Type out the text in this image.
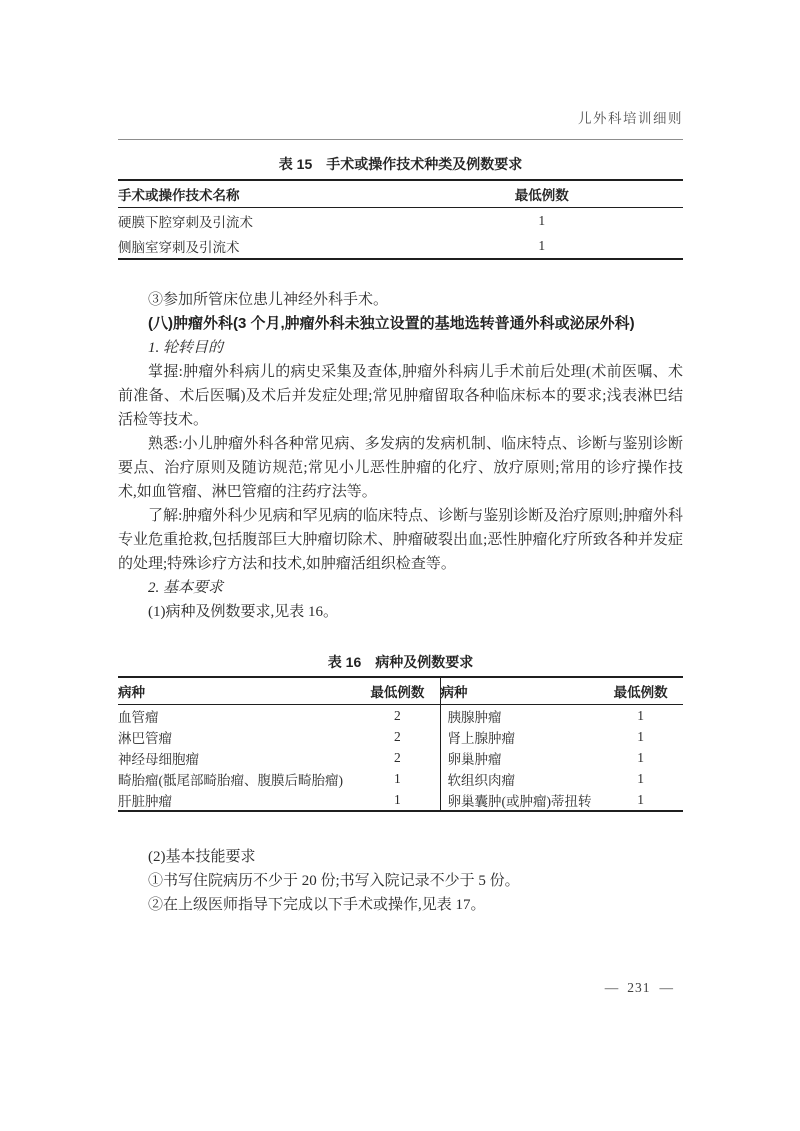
儿外科培训细则
表 15 手术或操作技术种类及例数要求
手术或操作技术名称	最低例数	
硬膜下腔穿刺及引流术	1	
侧脑室穿刺及引流术	1	

③参加所管床位患儿神经外科手术。

(八)肿瘤外科(3 个月,肿瘤外科未独立设置的基地选转普通外科或泌尿外科)

1. 轮转目的

掌握:肿瘤外科病儿的病史采集及查体,肿瘤外科病儿手术前后处理(术前医嘱、术前准备、术后医嘱)及术后并发症处理;常见肿瘤留取各种临床标本的要求;浅表淋巴结活检等技术。

熟悉:小儿肿瘤外科各种常见病、多发病的发病机制、临床特点、诊断与鉴别诊断要点、治疗原则及随访规范;常见小儿恶性肿瘤的化疗、放疗原则;常用的诊疗操作技术,如血管瘤、淋巴管瘤的注药疗法等。

了解:肿瘤外科少见病和罕见病的临床特点、诊断与鉴别诊断及治疗原则;肿瘤外科专业危重抢救,包括腹部巨大肿瘤切除术、肿瘤破裂出血;恶性肿瘤化疗所致各种并发症的处理;特殊诊疗方法和技术,如肿瘤活组织检查等。

2. 基本要求

(1)病种及例数要求,见表 16。

表 16 病种及例数要求
病种	最低例数	病种	最低例数
血管瘤	2	胰腺肿瘤	1
淋巴管瘤	2	肾上腺肿瘤	1
神经母细胞瘤	2	卵巢肿瘤	1
畸胎瘤(骶尾部畸胎瘤、腹膜后畸胎瘤)	1	软组织肉瘤	1
肝脏肿瘤	1	卵巢囊肿(或肿瘤)蒂扭转	1

(2)基本技能要求

①书写住院病历不少于 20 份;书写入院记录不少于 5 份。

②在上级医师指导下完成以下手术或操作,见表 17。

— 231 —
